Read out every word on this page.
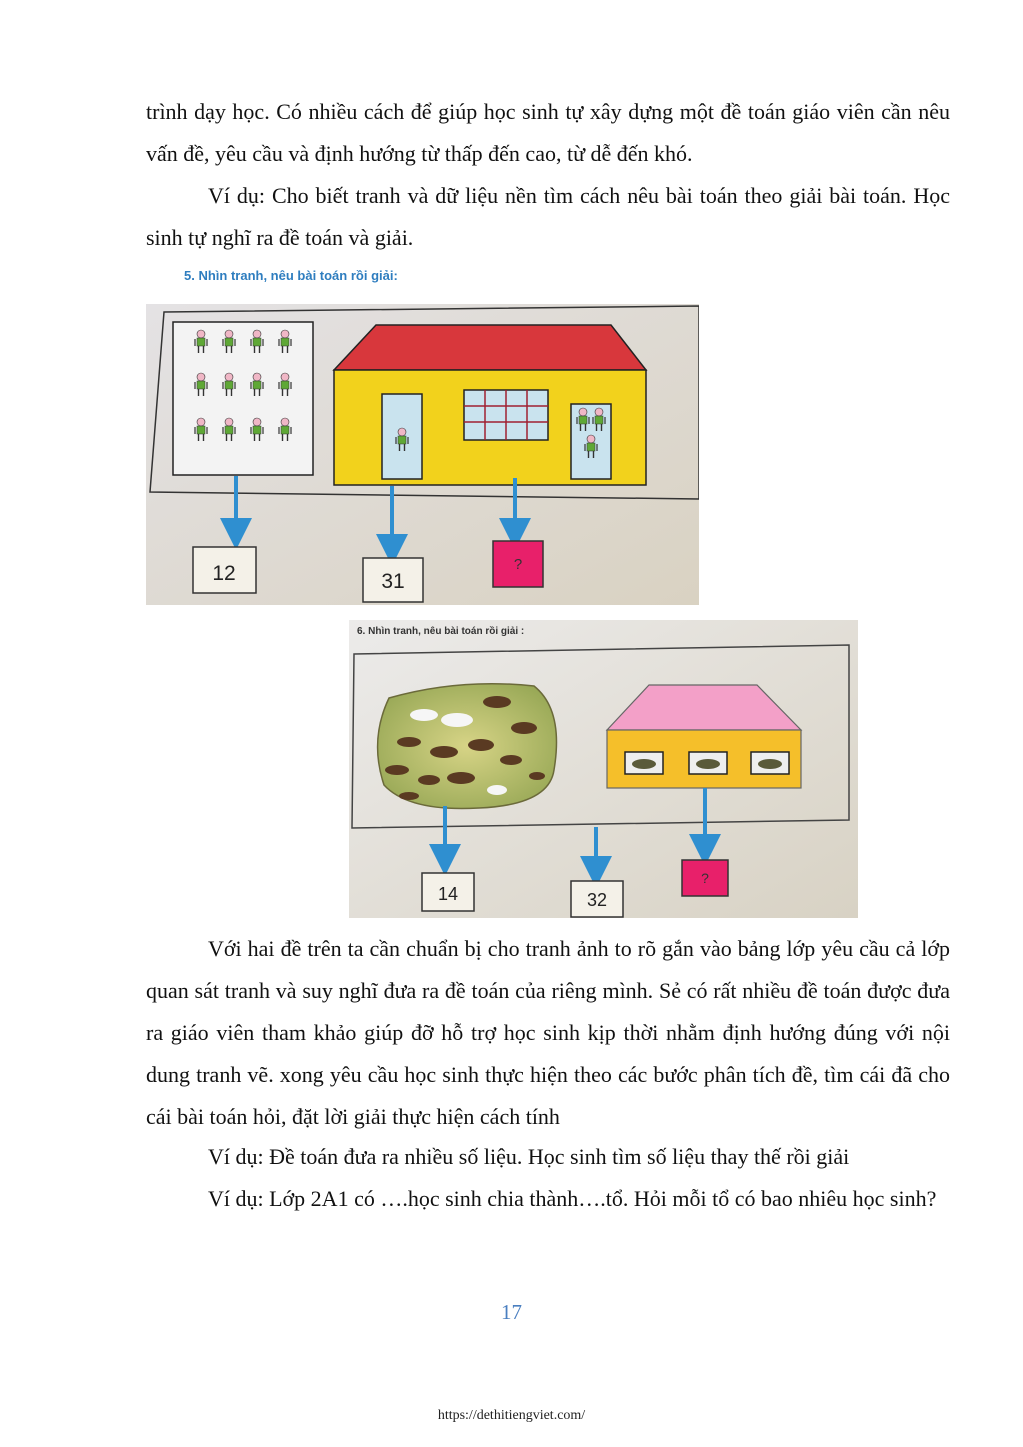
trình dạy học. Có nhiều cách để giúp học sinh tự xây dựng một đề toán giáo viên cần nêu vấn đề, yêu cầu và định hướng từ thấp đến cao, từ dễ đến khó.

Ví dụ: Cho biết tranh và dữ liệu nền tìm cách nêu bài toán theo giải bài toán. Học sinh tự nghĩ ra đề toán và giải.

5. Nhìn tranh, nêu bài toán rồi giải:
12	31
?
6. Nhìn tranh, nêu bài toán rồi giải :
14	32
?

Với hai đề trên ta cần chuẩn bị cho tranh ảnh to rõ gắn vào bảng lớp yêu cầu cả lớp quan sát tranh và suy nghĩ đưa ra đề toán của riêng mình. Sẻ có rất nhiều đề toán được đưa ra giáo viên tham khảo giúp đỡ hỗ trợ học sinh kịp thời nhằm định hướng đúng với nội dung tranh vẽ. xong yêu cầu học sinh thực hiện theo các bước phân tích đề, tìm cái đã cho cái bài toán hỏi, đặt lời giải thực hiện cách tính

Ví dụ: Đề toán đưa ra nhiều số liệu. Học sinh tìm số liệu thay thế rồi giải

Ví dụ: Lớp 2A1 có ….học sinh chia thành….tổ. Hỏi mỗi tổ có bao nhiêu học sinh?

17
https://dethitiengviet.com/
